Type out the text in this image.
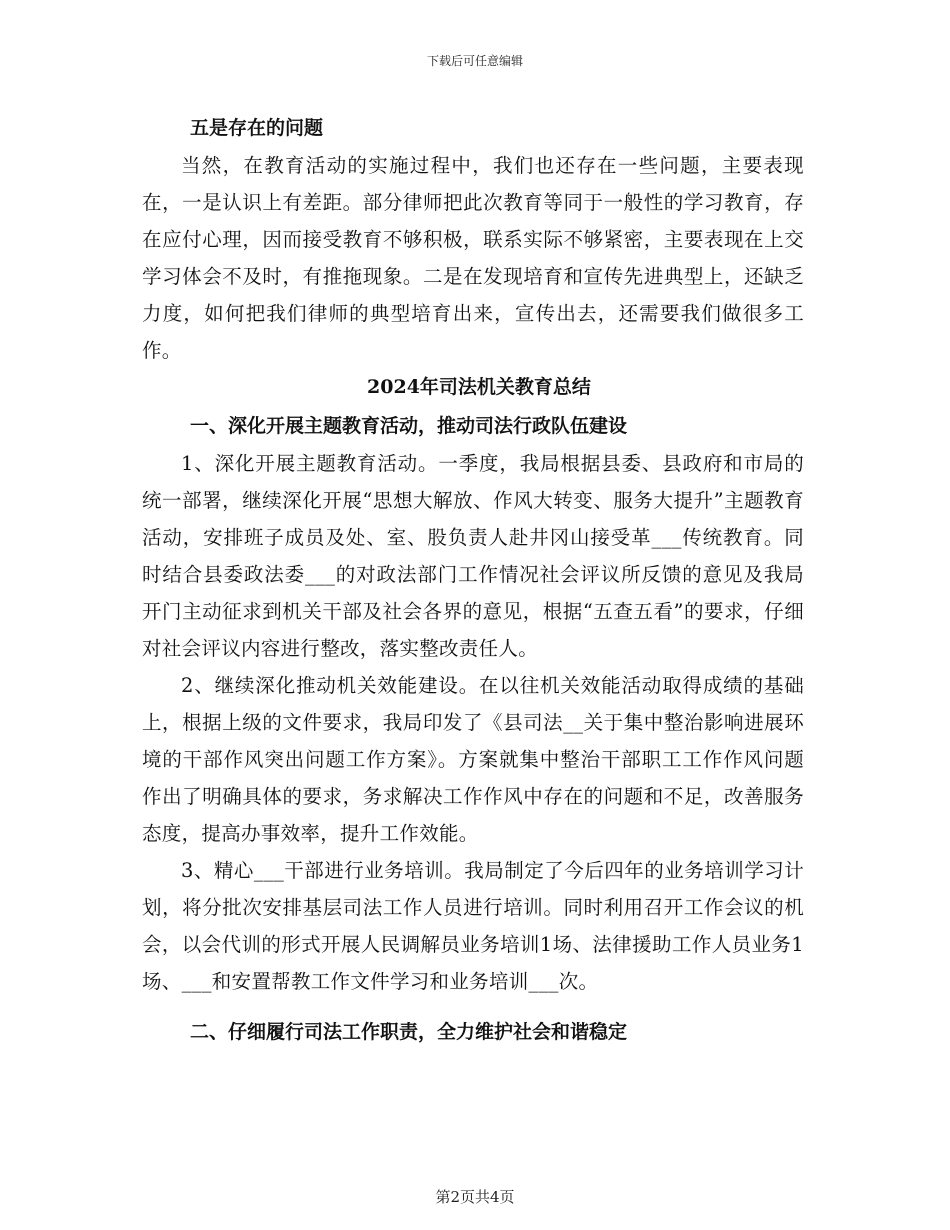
下载后可任意编辑

五是存在的问题

当然，在教育活动的实施过程中，我们也还存在一些问题，主要表现在，一是认识上有差距。部分律师把此次教育等同于一般性的学习教育，存在应付心理，因而接受教育不够积极，联系实际不够紧密，主要表现在上交学习体会不及时，有推拖现象。二是在发现培育和宣传先进典型上，还缺乏力度，如何把我们律师的典型培育出来，宣传出去，还需要我们做很多工作。

2024年司法机关教育总结

一、深化开展主题教育活动，推动司法行政队伍建设

1、深化开展主题教育活动。一季度，我局根据县委、县政府和市局的统一部署，继续深化开展“思想大解放、作风大转变、服务大提升”主题教育活动，安排班子成员及处、室、股负责人赴井冈山接受革___传统教育。同时结合县委政法委___的对政法部门工作情况社会评议所反馈的意见及我局开门主动征求到机关干部及社会各界的意见，根据“五查五看”的要求，仔细对社会评议内容进行整改，落实整改责任人。

2、继续深化推动机关效能建设。在以往机关效能活动取得成绩的基础上，根据上级的文件要求，我局印发了《县司法__关于集中整治影响进展环境的干部作风突出问题工作方案》。方案就集中整治干部职工工作作风问题作出了明确具体的要求，务求解决工作作风中存在的问题和不足，改善服务态度，提高办事效率，提升工作效能。

3、精心___干部进行业务培训。我局制定了今后四年的业务培训学习计划，将分批次安排基层司法工作人员进行培训。同时利用召开工作会议的机会，以会代训的形式开展人民调解员业务培训1场、法律援助工作人员业务1场、___和安置帮教工作文件学习和业务培训___次。

二、仔细履行司法工作职责，全力维护社会和谐稳定

第2页共4页
